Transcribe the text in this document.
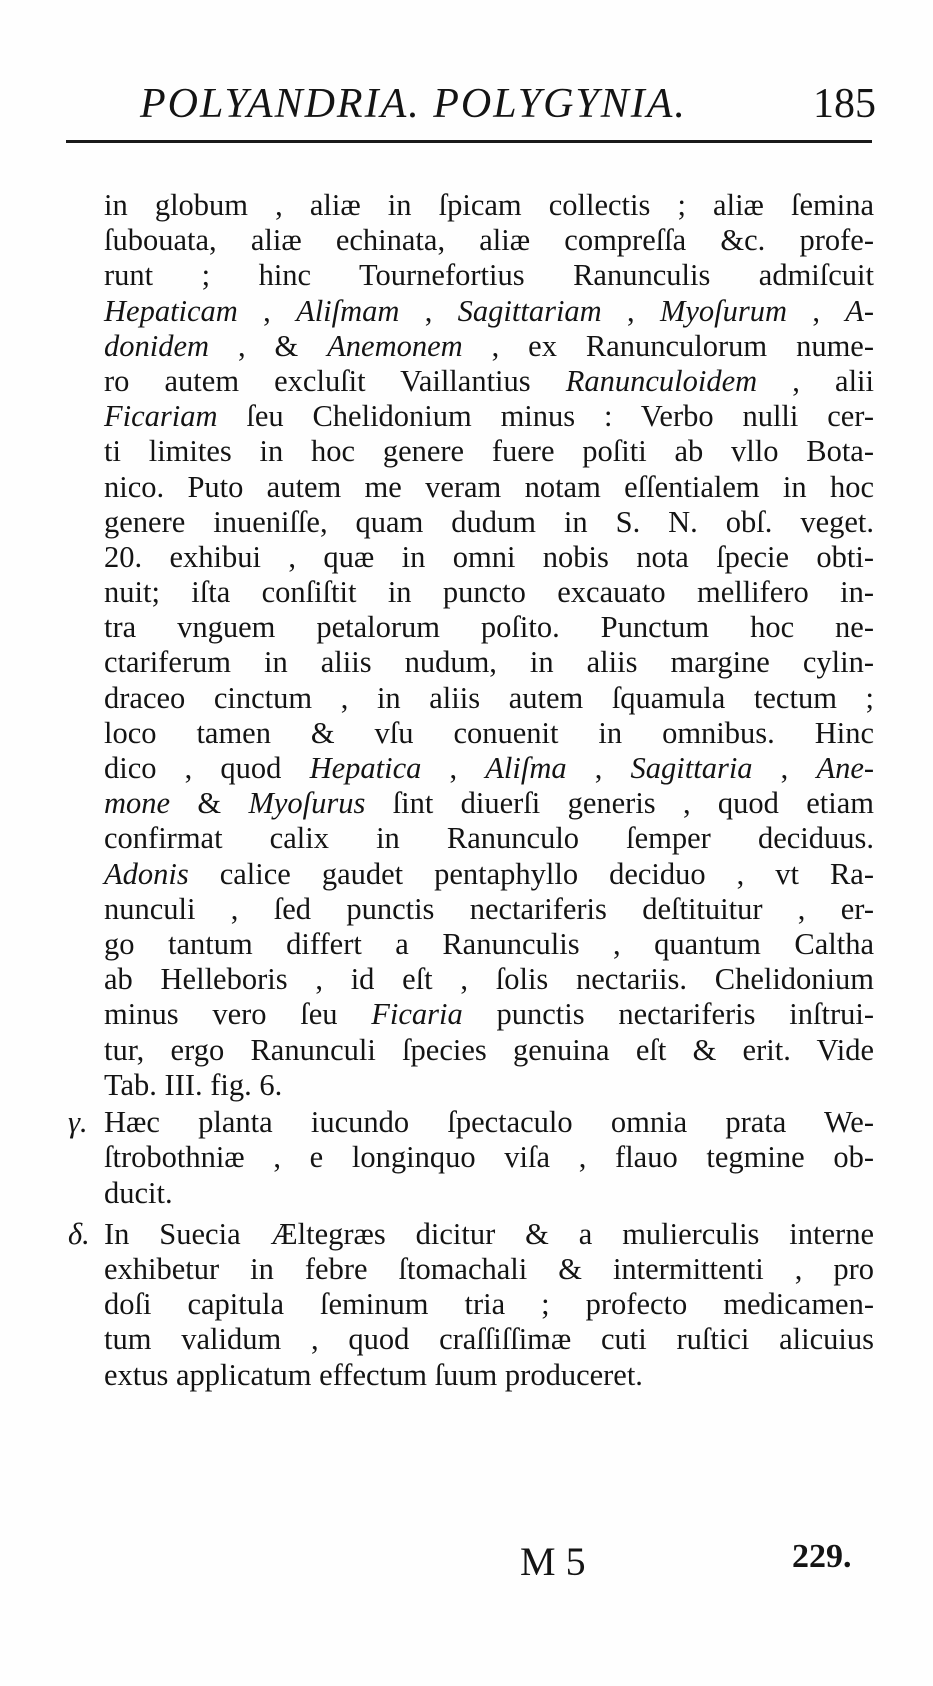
POLYANDRIA. POLYGYNIA.	185
in globum , aliæ in ſpicam collectis ; aliæ ſemina
ſubouata, aliæ echinata, aliæ compreſſa &c. profe-
runt ; hinc Tournefortius Ranunculis admiſcuit
Hepaticam , Aliſmam , Sagittariam , Myoſurum , A-
donidem , & Anemonem , ex Ranunculorum nume-
ro autem excluſit Vaillantius Ranunculoidem , alii
Ficariam ſeu Chelidonium minus : Verbo nulli cer-
ti limites in hoc genere fuere poſiti ab vllo Bota-
nico. Puto autem me veram notam eſſentialem in hoc
genere inueniſſe, quam dudum in S. N. obſ. veget.
20. exhibui , quæ in omni nobis nota ſpecie obti-
nuit; iſta conſiſtit in puncto excauato mellifero in-
tra vnguem petalorum poſito. Punctum hoc ne-
ctariferum in aliis nudum, in aliis margine cylin-
draceo cinctum , in aliis autem ſquamula tectum ;
loco tamen & vſu conuenit in omnibus. Hinc
dico , quod Hepatica , Aliſma , Sagittaria , Ane-
mone & Myoſurus ſint diuerſi generis , quod etiam
confirmat calix in Ranunculo ſemper deciduus.
Adonis calice gaudet pentaphyllo deciduo , vt Ra-
nunculi , ſed punctis nectariferis deſtituitur , er-
go tantum differt a Ranunculis , quantum Caltha
ab Helleboris , id eſt , ſolis nectariis. Chelidonium
minus vero ſeu Ficaria punctis nectariferis inſtrui-
tur, ergo Ranunculi ſpecies genuina eſt & erit. Vide
Tab. III. fig. 6.
γ. Hæc planta iucundo ſpectaculo omnia prata We-
ſtrobothniæ , e longinquo viſa , flauo tegmine ob-
ducit.
δ. In Suecia Æltegræs dicitur & a mulierculis interne
exhibetur in febre ſtomachali & intermittenti , pro
doſi capitula ſeminum tria ; profecto medicamen-
tum validum , quod craſſiſſimæ cuti ruſtici alicuius
extus applicatum effectum ſuum produceret.
M 5	229.
